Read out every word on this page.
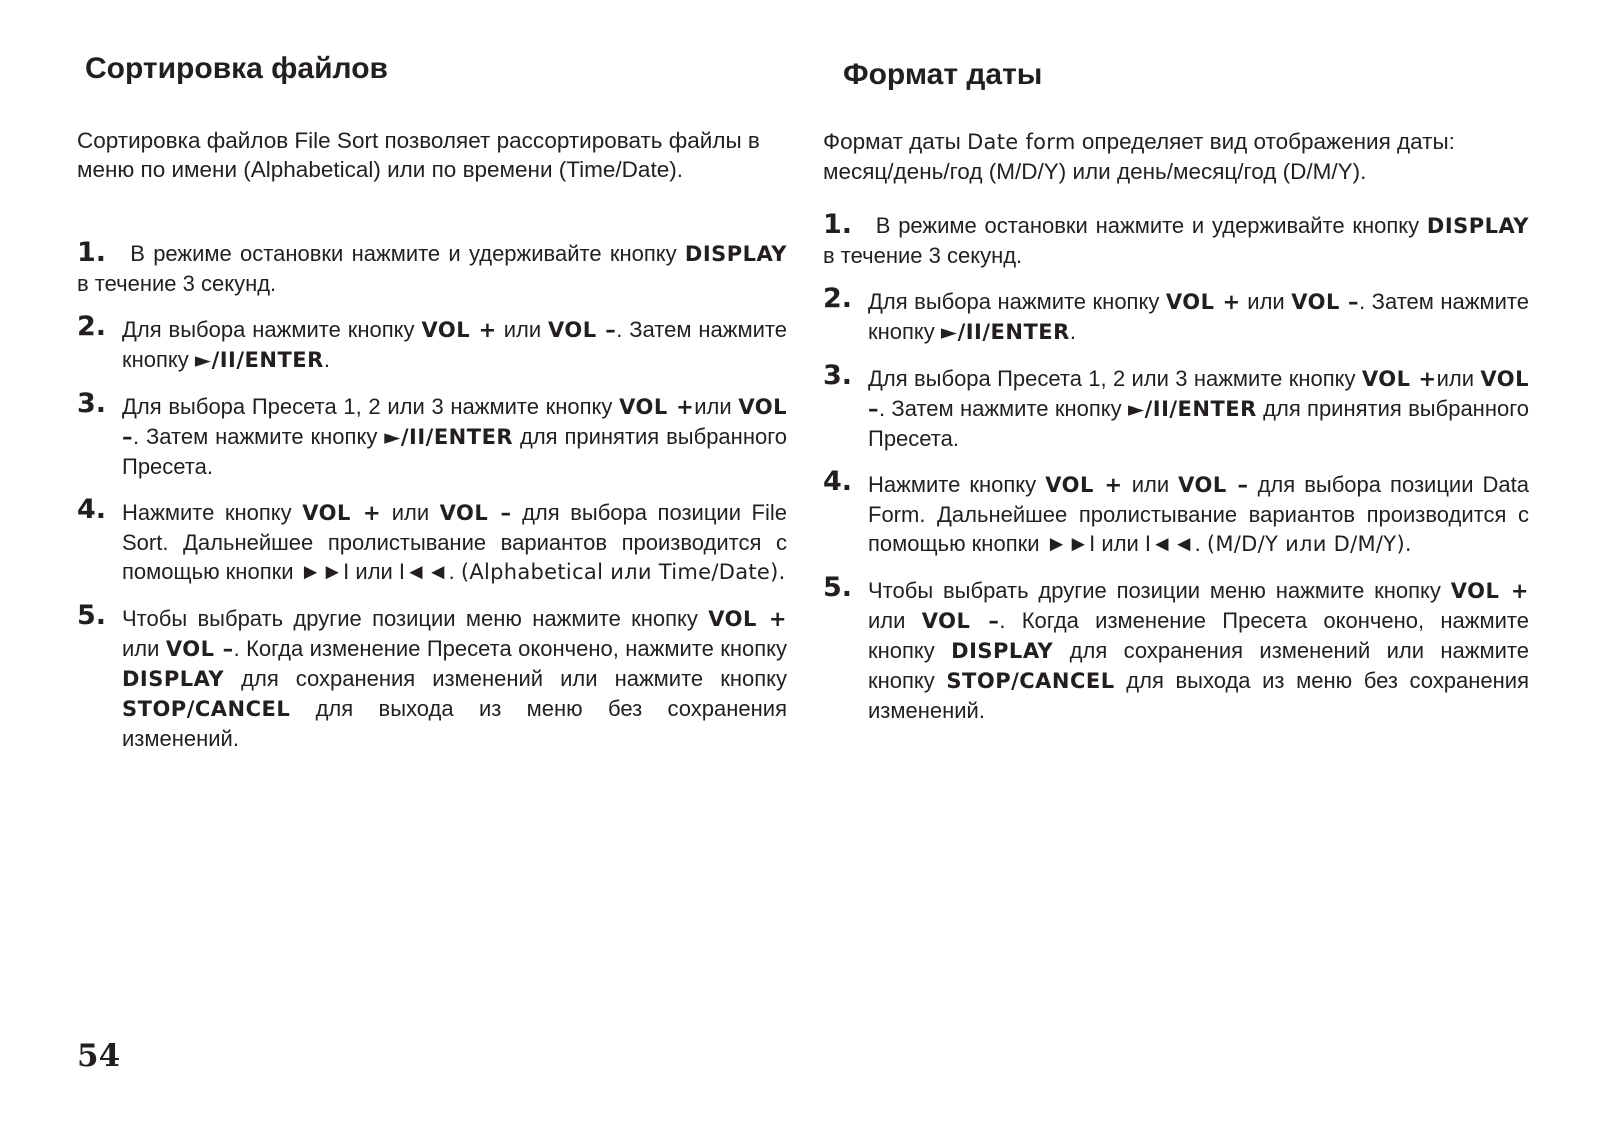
Сортировка файлов

Сортировка файлов File Sort позволяет рассортировать файлы в меню по имени (Alphabetical) или по времени (Time/Date).

1. В режиме остановки нажмите и удерживайте кнопку DISPLAY в течение 3 секунд.
2. Для выбора нажмите кнопку VOL + или VOL –. Затем нажмите кнопку ►/II/ENTER.
3. Для выбора Пресета 1, 2 или 3 нажмите кнопку VOL +или VOL –. Затем нажмите кнопку ►/II/ENTER для принятия выбранного Пресета.
4. Нажмите кнопку VOL + или VOL – для выбора позиции File Sort. Дальнейшее пролистывание вариантов производится с помощью кнопки ►►I или I◄◄. (Alphabetical или Time/Date).
5. Чтобы выбрать другие позиции меню нажмите кнопку VOL + или VOL –. Когда изменение Пресета окончено, нажмите кнопку DISPLAY для сохранения изменений или нажмите кнопку STOP/CANCEL для выхода из меню без сохранения изменений.
Формат даты

Формат даты Date form определяет вид отображения даты: месяц/день/год (M/D/Y) или день/месяц/год (D/M/Y).

1. В режиме остановки нажмите и удерживайте кнопку DISPLAY в течение 3 секунд.
2. Для выбора нажмите кнопку VOL + или VOL –. Затем нажмите кнопку ►/II/ENTER.
3. Для выбора Пресета 1, 2 или 3 нажмите кнопку VOL +или VOL –. Затем нажмите кнопку ►/II/ENTER для принятия выбранного Пресета.
4. Нажмите кнопку VOL + или VOL – для выбора позиции Data Form. Дальнейшее пролистывание вариантов производится с помощью кнопки ►►I или I◄◄. (M/D/Y или D/M/Y).
5. Чтобы выбрать другие позиции меню нажмите кнопку VOL + или VOL –. Когда изменение Пресета окончено, нажмите кнопку DISPLAY для сохранения изменений или нажмите кнопку STOP/CANCEL для выхода из меню без сохранения изменений.
54
